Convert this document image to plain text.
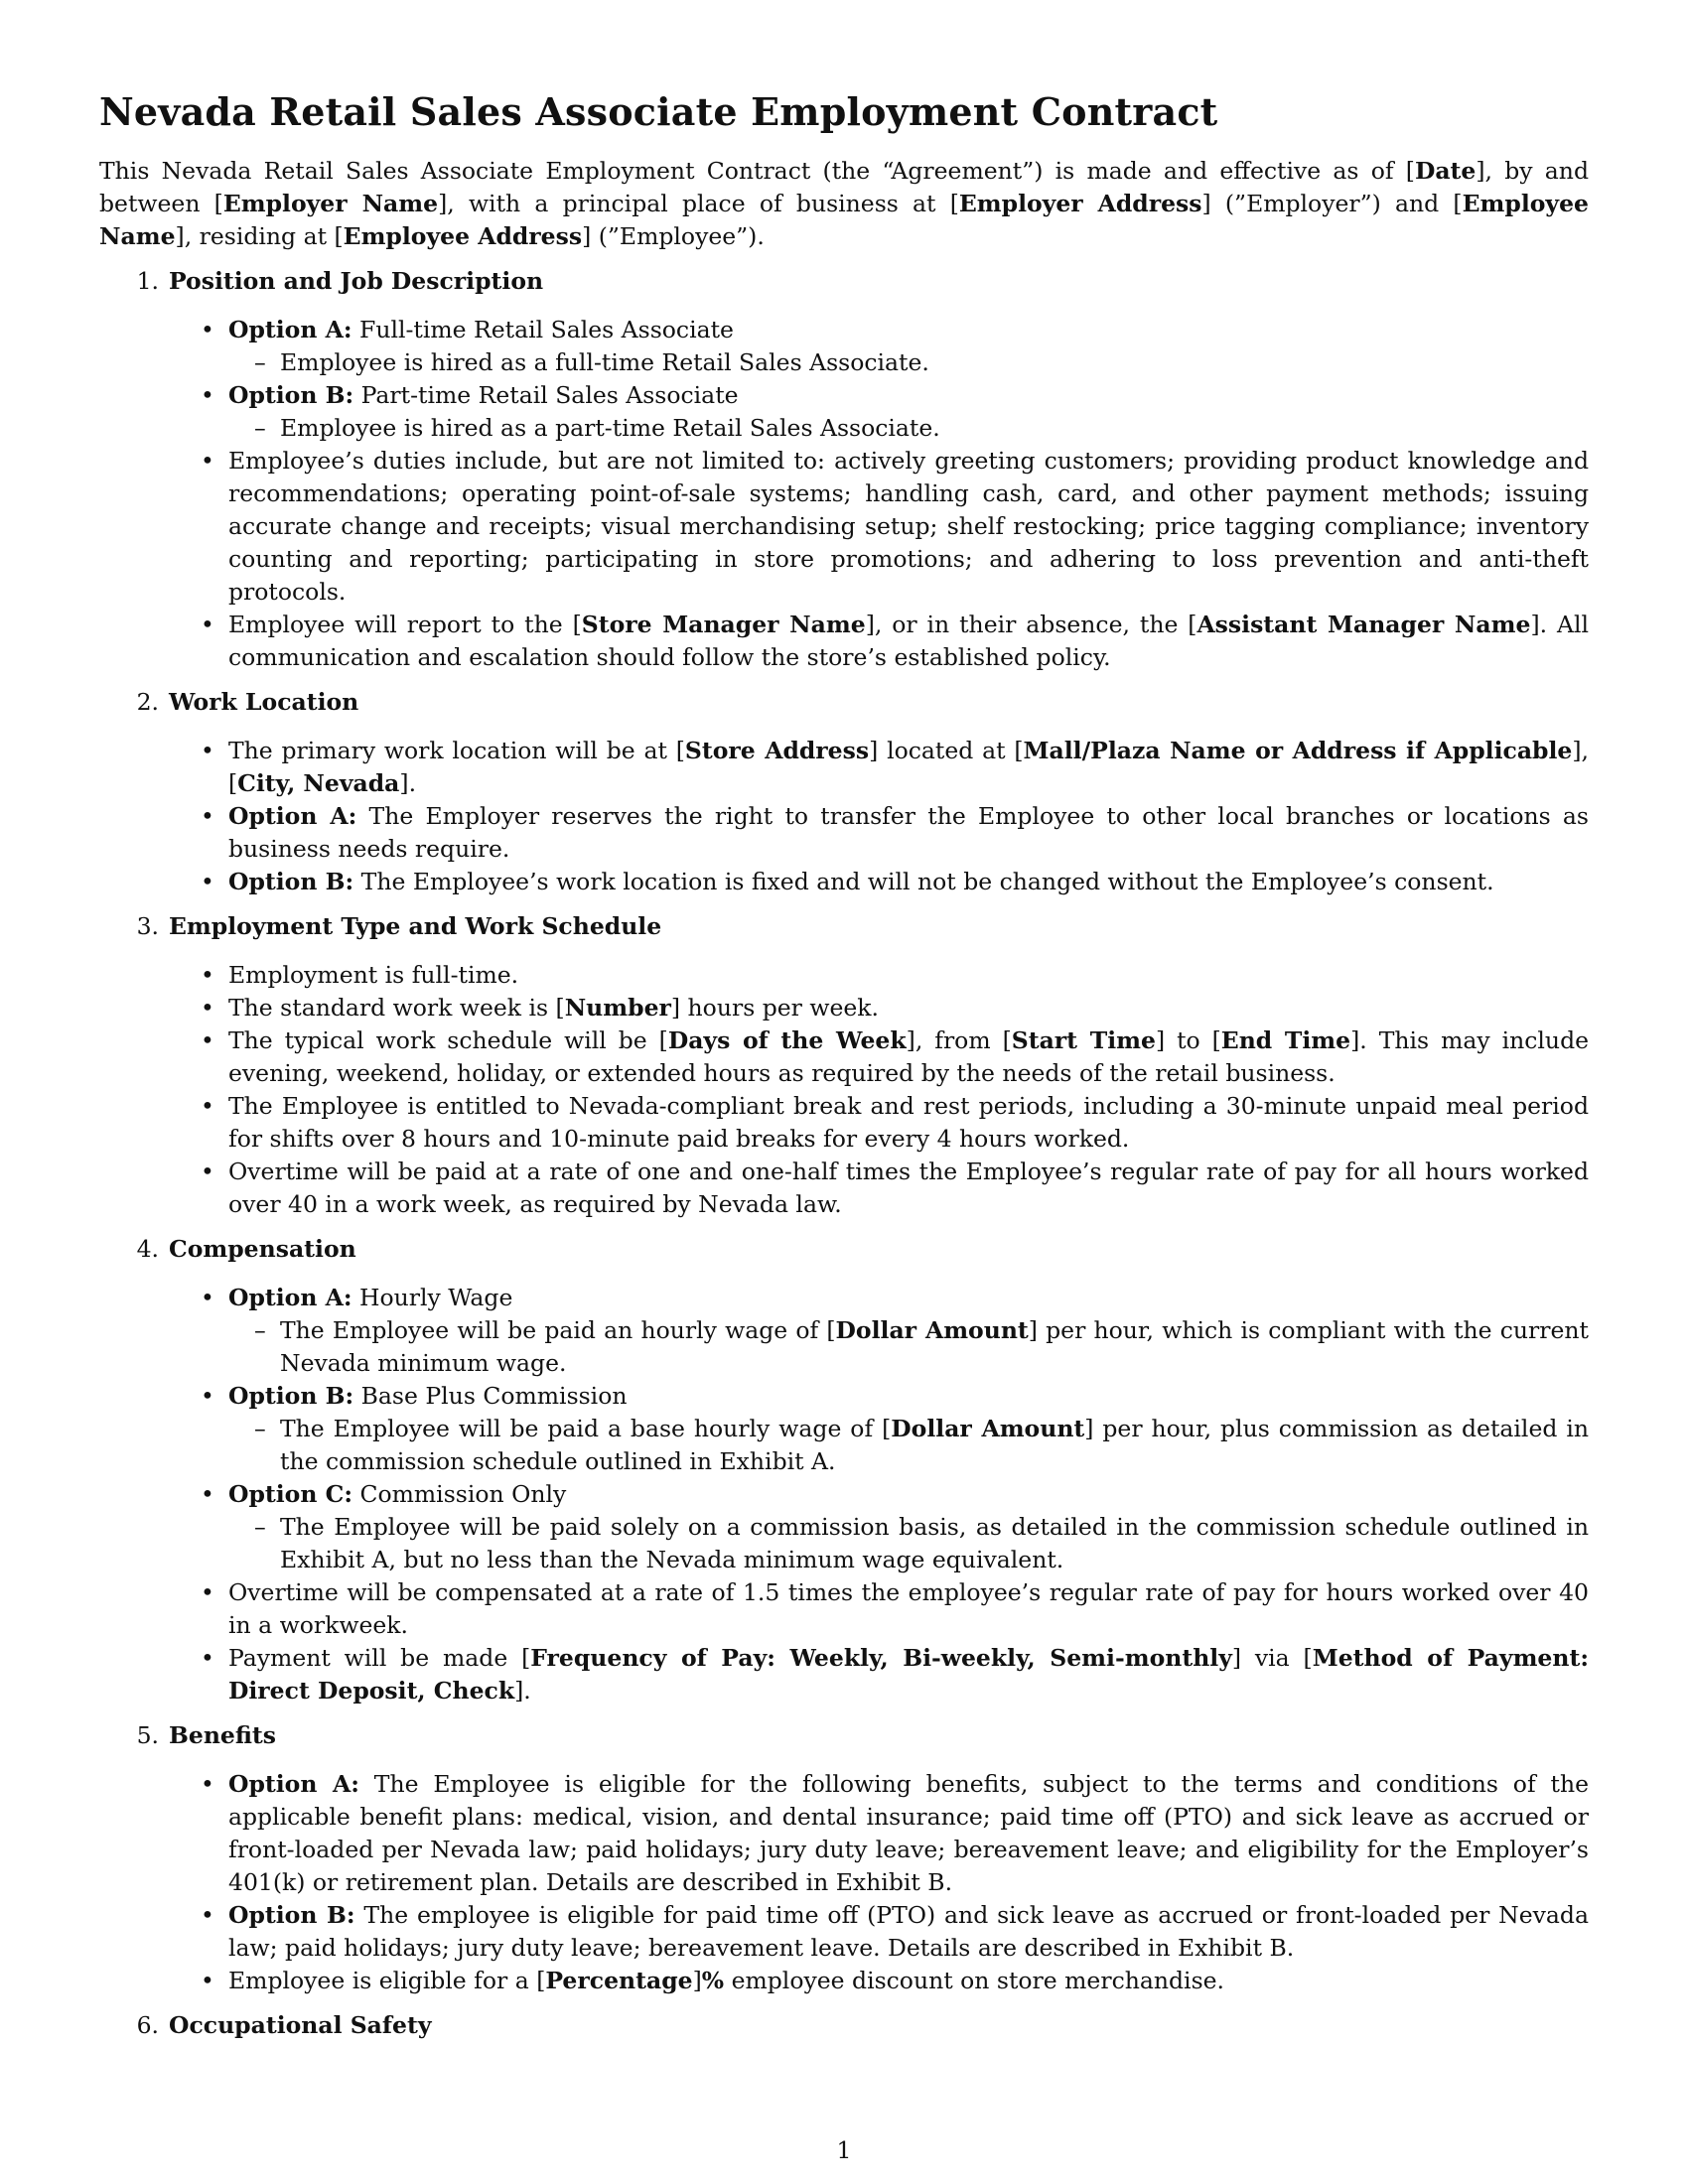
Nevada Retail Sales Associate Employment Contract

This Nevada Retail Sales Associate Employment Contract (the “Agreement”) is made and effective as of [Date], by and between [Employer Name], with a principal place of business at [Employer Address] (”Employer”) and [Employee Name], residing at [Employee Address] (”Employee”).

1. Position and Job Description
• Option A: Full-time Retail Sales Associate
– Employee is hired as a full-time Retail Sales Associate.
• Option B: Part-time Retail Sales Associate
– Employee is hired as a part-time Retail Sales Associate.
• Employee’s duties include, but are not limited to: actively greeting customers; providing product knowledge and recommendations; operating point-of-sale systems; handling cash, card, and other payment methods; issuing accurate change and receipts; visual merchandising setup; shelf restocking; price tagging compliance; inventory counting and reporting; participating in store promotions; and adhering to loss prevention and anti-theft protocols.
• Employee will report to the [Store Manager Name], or in their absence, the [Assistant Manager Name]. All communication and escalation should follow the store’s established policy.
2. Work Location
• The primary work location will be at [Store Address] located at [Mall/Plaza Name or Address if Applicable], [City, Nevada].
• Option A: The Employer reserves the right to transfer the Employee to other local branches or locations as business needs require.
• Option B: The Employee’s work location is fixed and will not be changed without the Employee’s consent.
3. Employment Type and Work Schedule
• Employment is full-time.
• The standard work week is [Number] hours per week.
• The typical work schedule will be [Days of the Week], from [Start Time] to [End Time]. This may include evening, weekend, holiday, or extended hours as required by the needs of the retail business.
• The Employee is entitled to Nevada-compliant break and rest periods, including a 30-minute unpaid meal period for shifts over 8 hours and 10-minute paid breaks for every 4 hours worked.
• Overtime will be paid at a rate of one and one-half times the Employee’s regular rate of pay for all hours worked over 40 in a work week, as required by Nevada law.
4. Compensation
• Option A: Hourly Wage
– The Employee will be paid an hourly wage of [Dollar Amount] per hour, which is compliant with the current Nevada minimum wage.
• Option B: Base Plus Commission
– The Employee will be paid a base hourly wage of [Dollar Amount] per hour, plus commission as detailed in the commission schedule outlined in Exhibit A.
• Option C: Commission Only
– The Employee will be paid solely on a commission basis, as detailed in the commission schedule outlined in Exhibit A, but no less than the Nevada minimum wage equivalent.
• Overtime will be compensated at a rate of 1.5 times the employee’s regular rate of pay for hours worked over 40 in a workweek.
• Payment will be made [Frequency of Pay: Weekly, Bi-weekly, Semi-monthly] via [Method of Payment: Direct Deposit, Check].
5. Benefits
• Option A: The Employee is eligible for the following benefits, subject to the terms and conditions of the applicable benefit plans: medical, vision, and dental insurance; paid time off (PTO) and sick leave as accrued or front-loaded per Nevada law; paid holidays; jury duty leave; bereavement leave; and eligibility for the Employer’s 401(k) or retirement plan. Details are described in Exhibit B.
• Option B: The employee is eligible for paid time off (PTO) and sick leave as accrued or front-loaded per Nevada law; paid holidays; jury duty leave; bereavement leave. Details are described in Exhibit B.
• Employee is eligible for a [Percentage]% employee discount on store merchandise.
6. Occupational Safety
1
